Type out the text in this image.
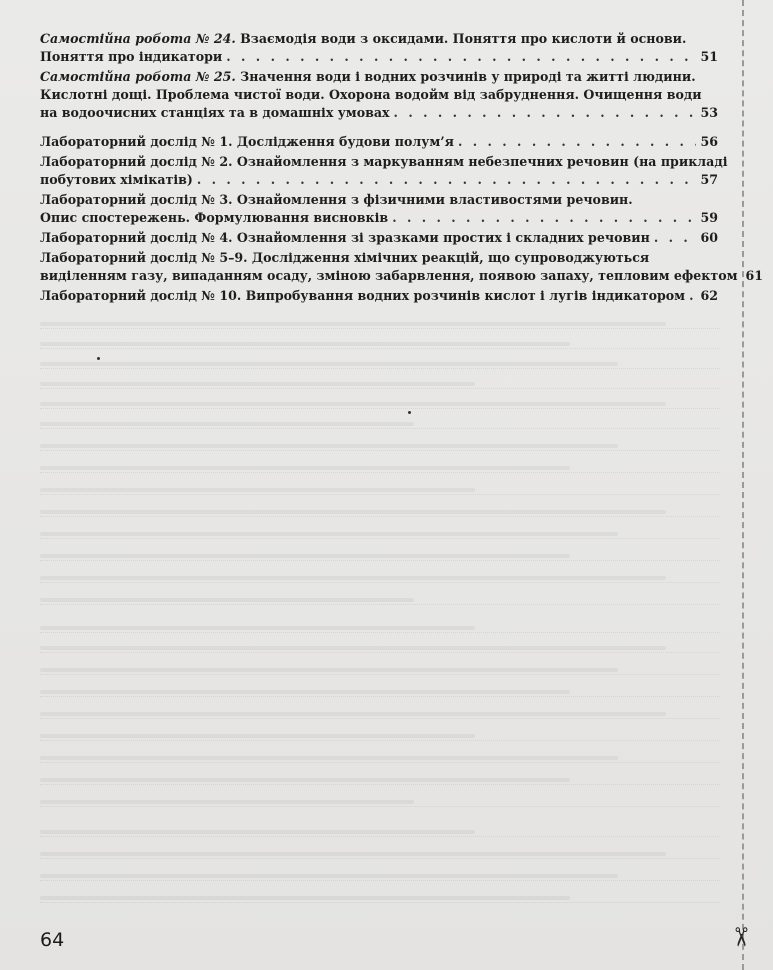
Самостійна робота № 24. Взаємодія води з оксидами. Поняття про кислоти й основи.
Поняття про індикатори . . .	51
Самостійна робота № 25. Значення води і водних розчинів у природі та житті людини.
Кислотні дощі. Проблема чистої води. Охорона водойм від забруднення. Очищення води
на водоочисних станціях та в домашніх умовах . . .	53
Лабораторний дослід № 1. Дослідження будови полум’я . . .	56
Лабораторний дослід № 2. Ознайомлення з маркуванням небезпечних речовин (на прикладі
побутових хімікатів) . . .	57
Лабораторний дослід № 3. Ознайомлення з фізичними властивостями речовин.
Опис спостережень. Формулювання висновків . . .	59
Лабораторний дослід № 4. Ознайомлення зі зразками простих і складних речовин . . .	60
Лабораторний дослід № 5–9. Дослідження хімічних реакцій, що супроводжуються
виділенням газу, випаданням осаду, зміною забарвлення, появою запаху, тепловим ефектом 61
Лабораторний дослід № 10. Випробування водних розчинів кислот і лугів індикатором . . . 62
64	✂
